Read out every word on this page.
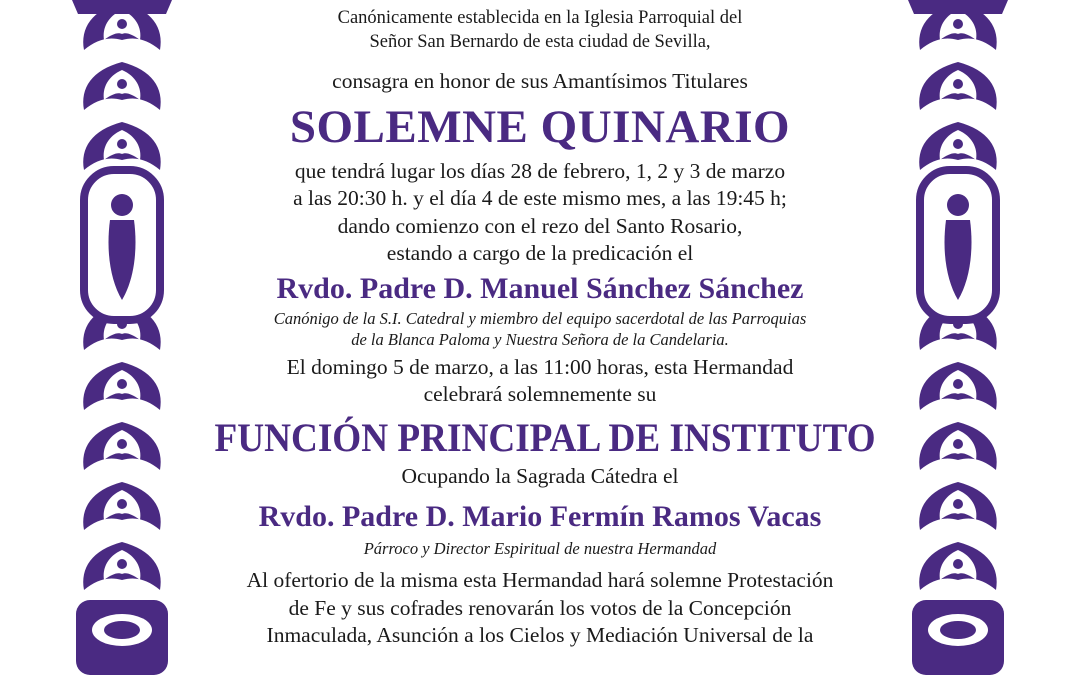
Canónicamente establecida en la Iglesia Parroquial del
Señor San Bernardo de esta ciudad de Sevilla,
consagra en honor de sus Amantísimos Titulares
SOLEMNE QUINARIO
que tendrá lugar los días 28 de febrero, 1, 2 y 3 de marzo
a las 20:30 h. y el día 4 de este mismo mes, a las 19:45 h;
dando comienzo con el rezo del Santo Rosario,
estando a cargo de la predicación el
Rvdo. Padre D. Manuel Sánchez Sánchez
Canónigo de la S.I. Catedral y miembro del equipo sacerdotal de las Parroquias
de la Blanca Paloma y Nuestra Señora de la Candelaria.
El domingo 5 de marzo, a las 11:00 horas, esta Hermandad
celebrará solemnemente su
FUNCIÓN PRINCIPAL DE INSTITUTO
Ocupando la Sagrada Cátedra el
Rvdo. Padre D. Mario Fermín Ramos Vacas
Párroco y Director Espiritual de nuestra Hermandad
Al ofertorio de la misma esta Hermandad hará solemne Protestación
de Fe y sus cofrades renovarán los votos de la Concepción
Inmaculada, Asunción a los Cielos y Mediación Universal de la
